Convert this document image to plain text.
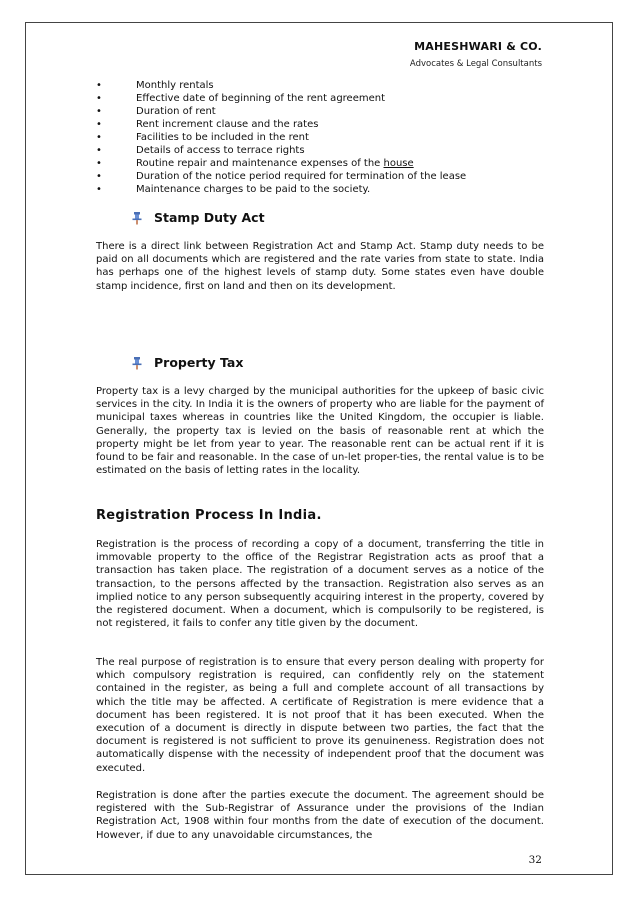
MAHESHWARI & CO.
Advocates & Legal Consultants
•	Monthly rentals
•	Effective date of beginning of the rent agreement
•	Duration of rent
•	Rent increment clause and the rates
•	Facilities to be included in the rent
•	Details of access to terrace rights
•	Routine repair and maintenance expenses of the house
•	Duration of the notice period required for termination of the lease
•	Maintenance charges to be paid to the society.
Stamp Duty Act

There is a direct link between Registration Act and Stamp Act. Stamp duty needs to be paid on all documents which are registered and the rate varies from state to state. India has perhaps one of the highest levels of stamp duty. Some states even have double stamp incidence, first on land and then on its development.

Property Tax

Property tax is a levy charged by the municipal authorities for the upkeep of basic civic services in the city. In India it is the owners of property who are liable for the payment of municipal taxes whereas in countries like the United Kingdom, the occupier is liable. Generally, the property tax is levied on the basis of reasonable rent at which the property might be let from year to year. The reasonable rent can be actual rent if it is found to be fair and reasonable. In the case of un-let proper-ties, the rental value is to be estimated on the basis of letting rates in the locality.

Registration Process In India.

Registration is the process of recording a copy of a document, transferring the title in immovable property to the office of the Registrar Registration acts as proof that a transaction has taken place. The registration of a document serves as a notice of the transaction, to the persons affected by the transaction. Registration also serves as an implied notice to any person subsequently acquiring interest in the property, covered by the registered document. When a document, which is compulsorily to be registered, is not registered, it fails to confer any title given by the document.

The real purpose of registration is to ensure that every person dealing with property for which compulsory registration is required, can confidently rely on the statement contained in the register, as being a full and complete account of all transactions by which the title may be affected. A certificate of Registration is mere evidence that a document has been registered. It is not proof that it has been executed. When the execution of a document is directly in dispute between two parties, the fact that the document is registered is not sufficient to prove its genuineness. Registration does not automatically dispense with the necessity of independent proof that the document was executed.

Registration is done after the parties execute the document. The agreement should be registered with the Sub-Registrar of Assurance under the provisions of the Indian Registration Act, 1908 within four months from the date of execution of the document. However, if due to any unavoidable circumstances, the

32
